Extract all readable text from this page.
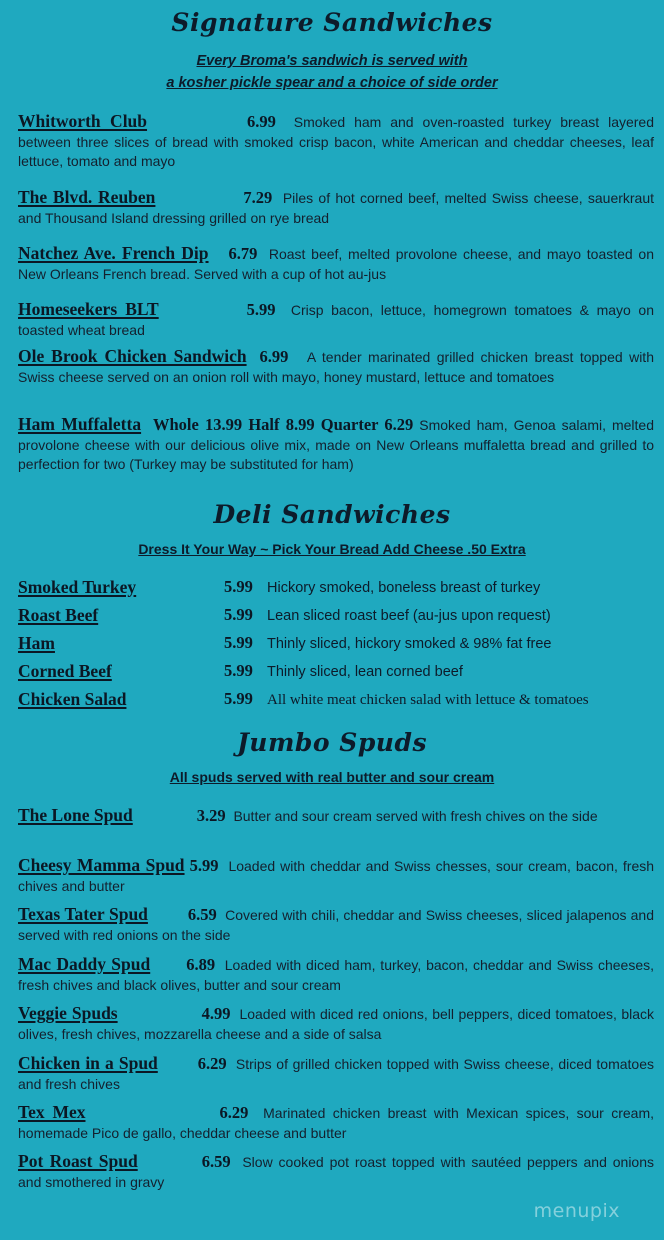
Signature Sandwiches
Every Broma's sandwich is served with
a kosher pickle spear and a choice of side order
Whitworth Club	6.99 Smoked ham and oven-roasted turkey breast layered between three slices of bread with smoked crisp bacon, white American and cheddar cheeses, leaf lettuce, tomato and mayo
The Blvd. Reuben	7.29 Piles of hot corned beef, melted Swiss cheese, sauerkraut and Thousand Island dressing grilled on rye bread
Natchez Ave. French Dip 6.79 Roast beef, melted provolone cheese, and mayo toasted on New Orleans French bread. Served with a cup of hot au-jus
Homeseekers BLT	5.99 Crisp bacon, lettuce, homegrown tomatoes & mayo on toasted wheat bread
Ole Brook Chicken Sandwich 6.99 A tender marinated grilled chicken breast topped with Swiss cheese served on an onion roll with mayo, honey mustard, lettuce and tomatoes
Ham Muffaletta Whole 13.99 Half 8.99 Quarter 6.29 Smoked ham, Genoa salami, melted provolone cheese with our delicious olive mix, made on New Orleans muffaletta bread and grilled to perfection for two (Turkey may be substituted for ham)
Deli Sandwiches
Dress It Your Way ~ Pick Your Bread Add Cheese .50 Extra
Smoked Turkey	5.99 Hickory smoked, boneless breast of turkey
Roast Beef	5.99 Lean sliced roast beef (au-jus upon request)
Ham	5.99 Thinly sliced, hickory smoked & 98% fat free
Corned Beef	5.99 Thinly sliced, lean corned beef
Chicken Salad	5.99 All white meat chicken salad with lettuce & tomatoes
Jumbo Spuds
All spuds served with real butter and sour cream
The Lone Spud	3.29 Butter and sour cream served with fresh chives on the side
Cheesy Mamma Spud 5.99 Loaded with cheddar and Swiss chesses, sour cream, bacon, fresh chives and butter
Texas Tater Spud 6.59 Covered with chili, cheddar and Swiss cheeses, sliced jalapenos and served with red onions on the side
Mac Daddy Spud 6.89 Loaded with diced ham, turkey, bacon, cheddar and Swiss cheeses, fresh chives and black olives, butter and sour cream
Veggie Spuds	4.99 Loaded with diced red onions, bell peppers, diced tomatoes, black olives, fresh chives, mozzarella cheese and a side of salsa
Chicken in a Spud 6.29 Strips of grilled chicken topped with Swiss cheese, diced tomatoes and fresh chives
Tex Mex	6.29 Marinated chicken breast with Mexican spices, sour cream, homemade Pico de gallo, cheddar cheese and butter
Pot Roast Spud	6.59 Slow cooked pot roast topped with sautéed peppers and onions and smothered in gravy
menupix
